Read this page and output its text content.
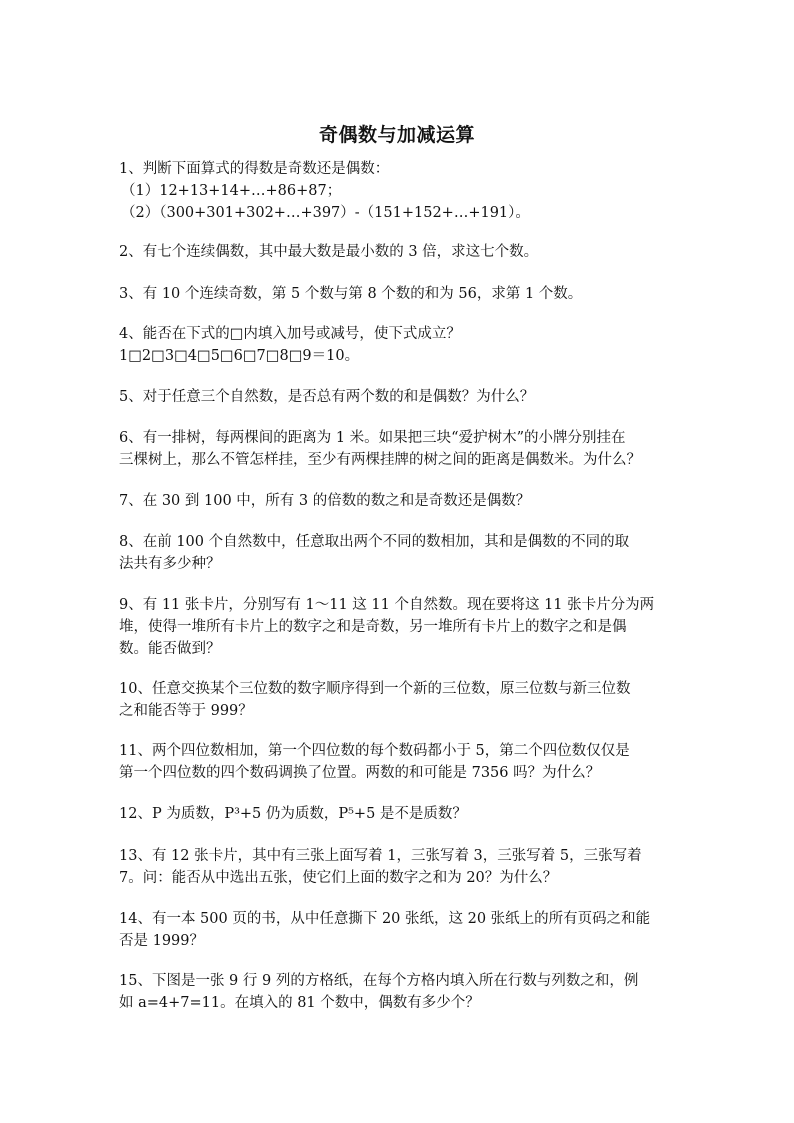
奇偶数与加减运算
1、判断下面算式的得数是奇数还是偶数：
（1）12+13+14+…+86+87；
（2）（300+301+302+…+397）-（151+152+…+191）。
2、有七个连续偶数，其中最大数是最小数的 3 倍，求这七个数。
3、有 10 个连续奇数，第 5 个数与第 8 个数的和为 56，求第 1 个数。
4、能否在下式的□内填入加号或减号，使下式成立？
1□2□3□4□5□6□7□8□9＝10。
5、对于任意三个自然数，是否总有两个数的和是偶数？为什么？
6、有一排树，每两棵间的距离为 1 米。如果把三块“爱护树木”的小牌分别挂在
三棵树上，那么不管怎样挂，至少有两棵挂牌的树之间的距离是偶数米。为什么？
7、在 30 到 100 中，所有 3 的倍数的数之和是奇数还是偶数？
8、在前 100 个自然数中，任意取出两个不同的数相加，其和是偶数的不同的取
法共有多少种？
9、有 11 张卡片，分别写有 1～11 这 11 个自然数。现在要将这 11 张卡片分为两
堆，使得一堆所有卡片上的数字之和是奇数，另一堆所有卡片上的数字之和是偶
数。能否做到？
10、任意交换某个三位数的数字顺序得到一个新的三位数，原三位数与新三位数
之和能否等于 999？
11、两个四位数相加，第一个四位数的每个数码都小于 5，第二个四位数仅仅是
第一个四位数的四个数码调换了位置。两数的和可能是 7356 吗？为什么？
12、P 为质数，P³+5 仍为质数，P⁵+5 是不是质数？
13、有 12 张卡片，其中有三张上面写着 1，三张写着 3，三张写着 5，三张写着
7。问：能否从中选出五张，使它们上面的数字之和为 20？为什么？
14、有一本 500 页的书，从中任意撕下 20 张纸，这 20 张纸上的所有页码之和能
否是 1999？
15、下图是一张 9 行 9 列的方格纸，在每个方格内填入所在行数与列数之和，例
如 a=4+7=11。在填入的 81 个数中，偶数有多少个？
